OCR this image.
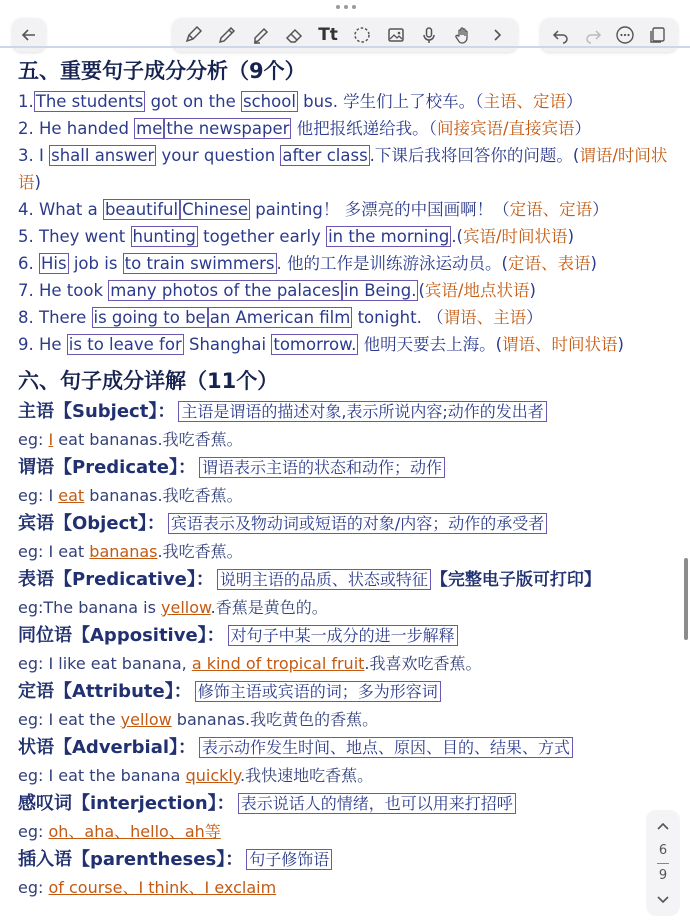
Tt
五、重要句子成分分析（9个）
1. The students got on the school bus. 学生们上了校车。（主语、定语）
2. He handed me the newspaper 他把报纸递给我。（间接宾语/直接宾语）
3. I shall answer your question after class .下课后我将回答你的问题。(谓语/时间状语)
4. What a beautiful Chinese painting！ 多漂亮的中国画啊！（定语、定语）
5. They went hunting together early in the morning .(宾语/时间状语)
6. His job is to train swimmers . 他的工作是训练游泳运动员。(定语、表语)
7. He took many photos of the palaces in Being. (宾语/地点状语)
8. There is going to be an American film tonight. （谓语、主语）
9. He is to leave for Shanghai tomorrow. 他明天要去上海。(谓语、时间状语)
六、句子成分详解（11个）
主语【Subject】： 主语是谓语的描述对象,表示所说内容;动作的发出者
eg: I eat bananas.我吃香蕉。
谓语【Predicate】： 谓语表示主语的状态和动作；动作
eg: I eat bananas.我吃香蕉。
宾语【Object】： 宾语表示及物动词或短语的对象/内容；动作的承受者
eg: I eat bananas.我吃香蕉。
表语【Predicative】： 说明主语的品质、状态或特征 【完整电子版可打印】
eg:The banana is yellow.香蕉是黄色的。
同位语【Appositive】： 对句子中某一成分的进一步解释
eg: I like eat banana, a kind of tropical fruit.我喜欢吃香蕉。
定语【Attribute】： 修饰主语或宾语的词；多为形容词
eg: I eat the yellow bananas.我吃黄色的香蕉。
状语【Adverbial】： 表示动作发生时间、地点、原因、目的、结果、方式
eg: I eat the banana quickly.我快速地吃香蕉。
感叹词【interjection】： 表示说话人的情绪，也可以用来打招呼
eg: oh、aha、hello、ah等
插入语【parentheses】： 句子修饰语
eg: of course、I think、I exclaim
6
9
